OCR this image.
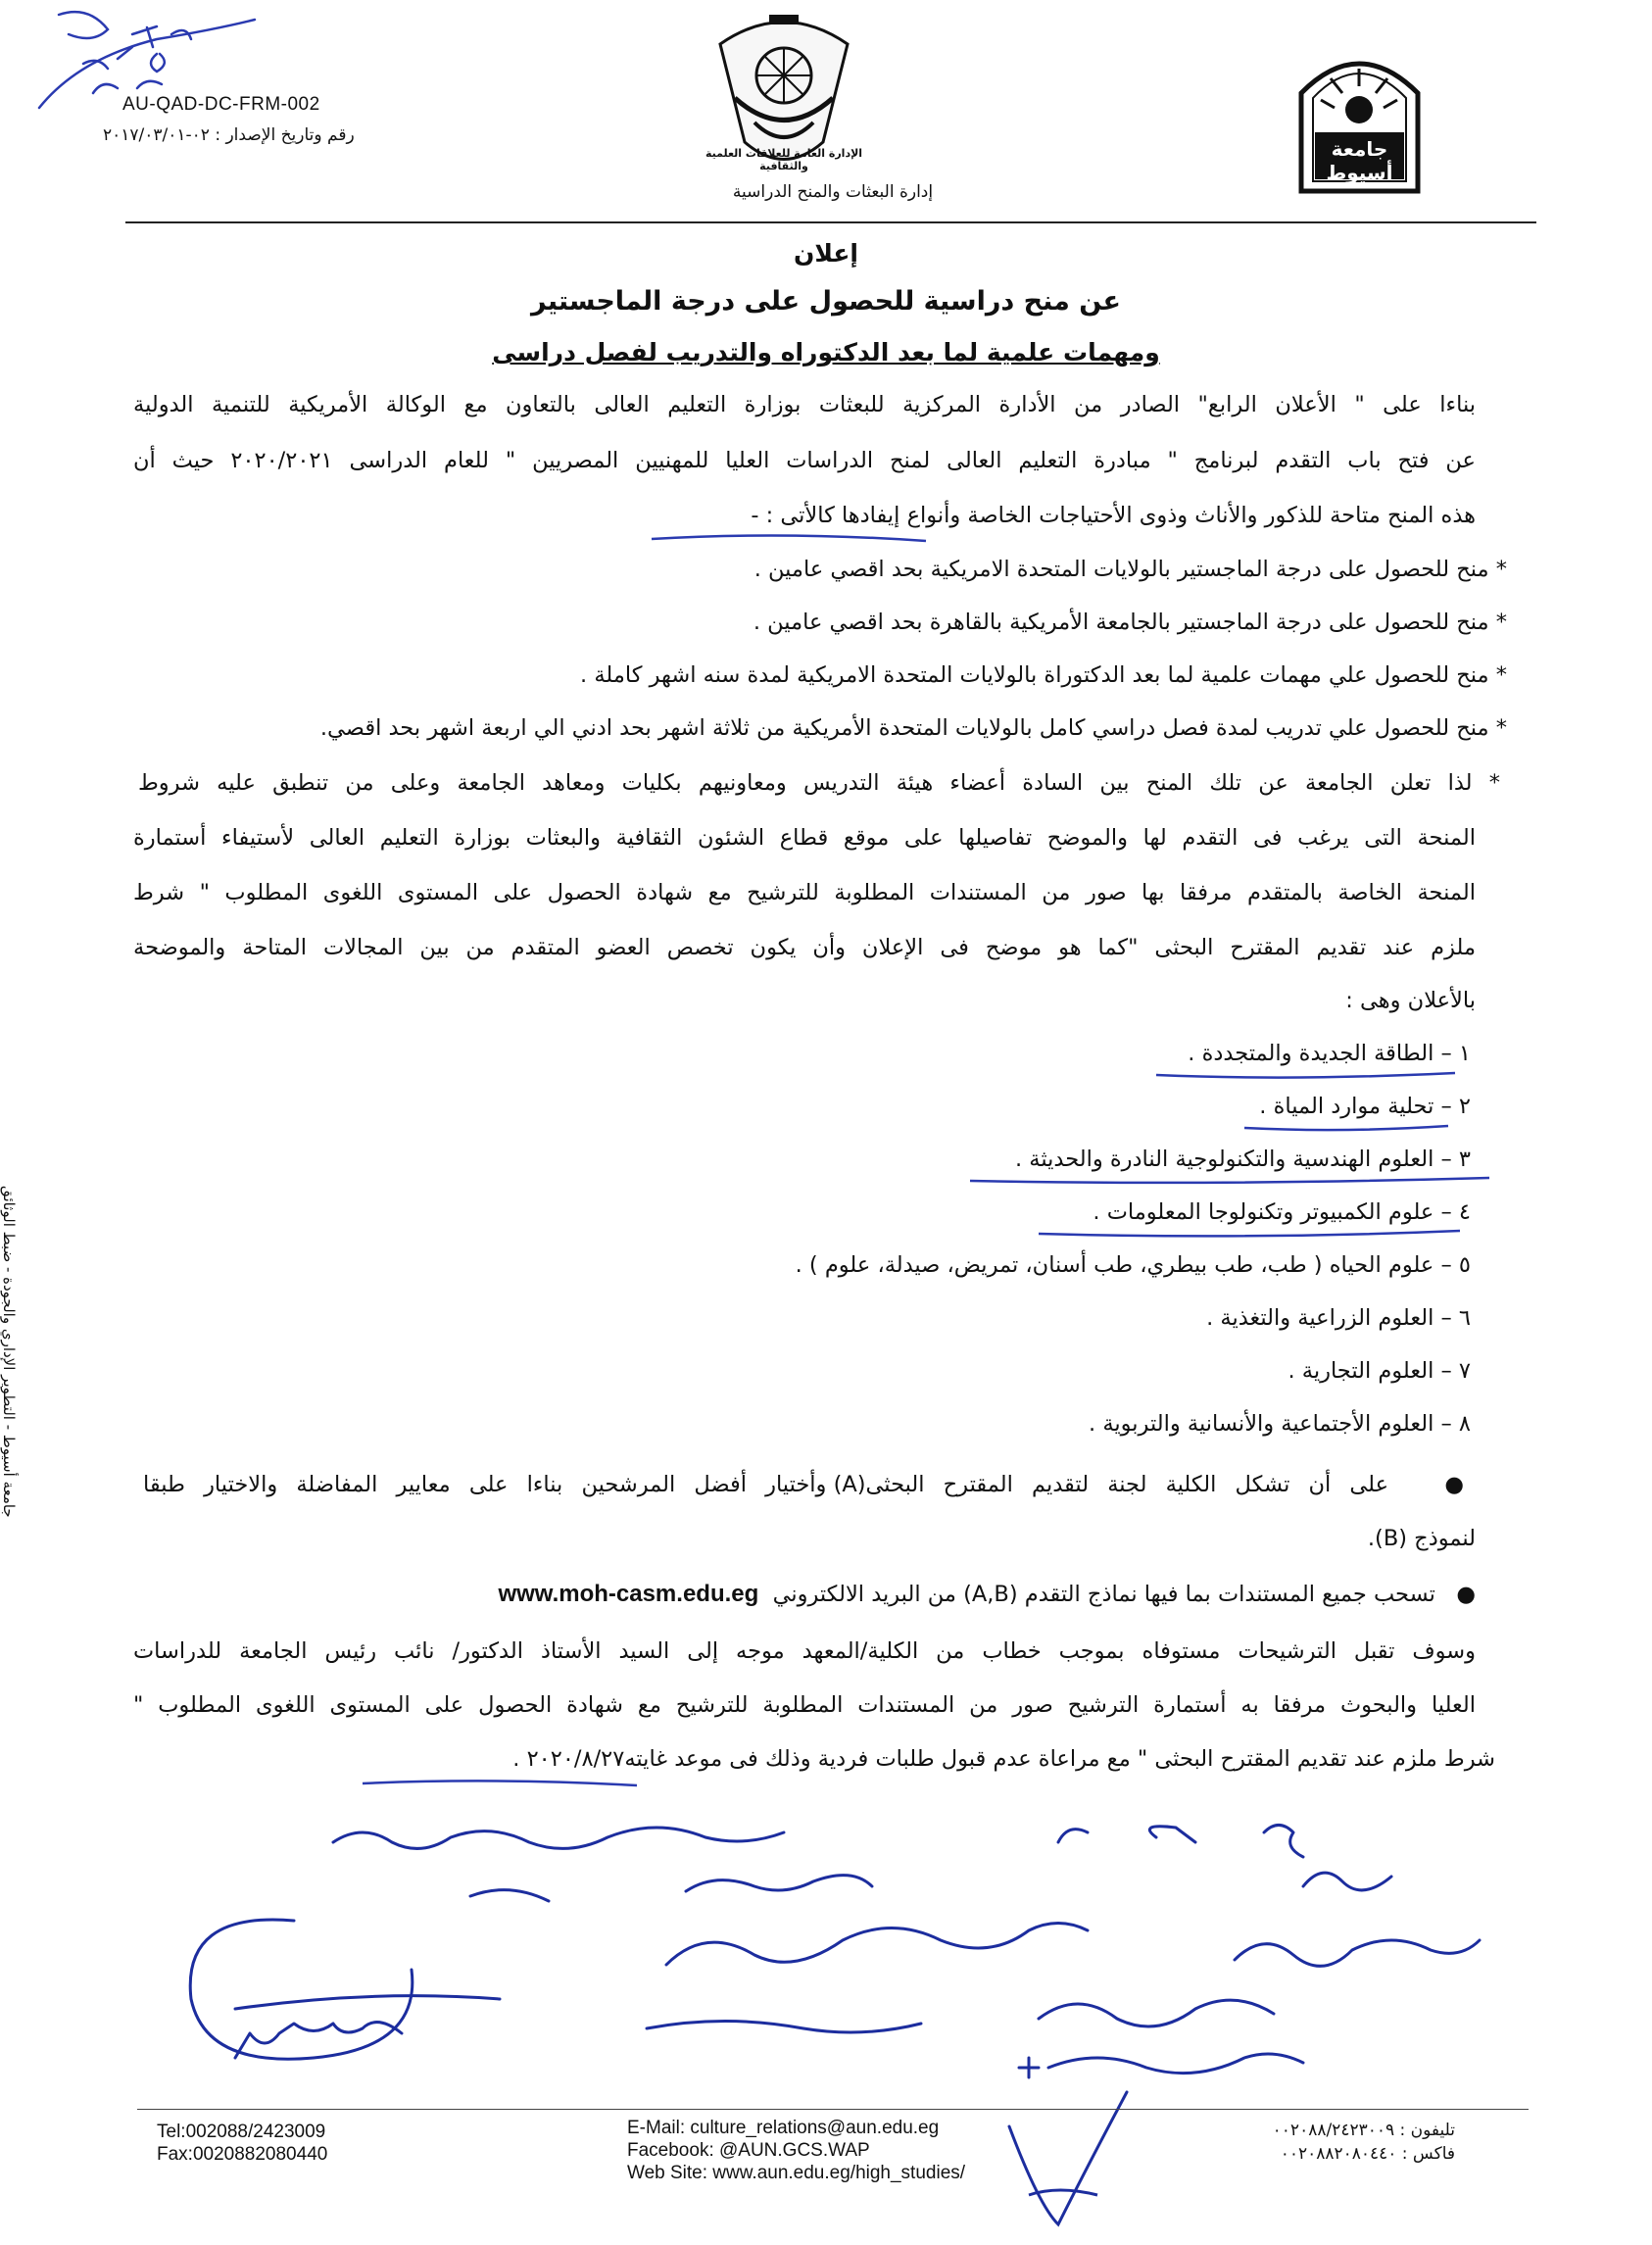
AU-QAD-DC-FRM-002
رقم وتاريخ الإصدار : ٠٢-٢٠١٧/٠٣/٠١
الإدارة العامة للعلاقات العلمية والثقافية
إدارة البعثات والمنح الدراسية
جامعة أسيوط
إعلان
عن منح دراسية للحصول على درجة الماجستير
ومهمات علمية لما بعد الدكتوراه والتدريب لفصل دراسى
بناءا على " الأعلان الرابع" الصادر من الأدارة المركزية للبعثات بوزارة التعليم العالى بالتعاون مع الوكالة الأمريكية للتنمية الدولية
عن فتح باب التقدم لبرنامج " مبادرة التعليم العالى لمنح الدراسات العليا للمهنيين المصريين " للعام الدراسى ٢٠٢٠/٢٠٢١ حيث أن
هذه المنح متاحة للذكور والأناث وذوى الأحتياجات الخاصة وأنواع إيفادها كالأتى : -
* منح للحصول على درجة الماجستير بالولايات المتحدة الامريكية بحد اقصي عامين .
* منح للحصول على درجة الماجستير بالجامعة الأمريكية بالقاهرة بحد اقصي عامين .
* منح للحصول علي مهمات علمية لما بعد الدكتوراة بالولايات المتحدة الامريكية لمدة سنه اشهر كاملة .
* منح للحصول علي تدريب لمدة فصل دراسي كامل بالولايات المتحدة الأمريكية من ثلاثة اشهر بحد ادني الي اربعة اشهر بحد اقصي.
* لذا تعلن الجامعة عن تلك المنح بين السادة أعضاء هيئة التدريس ومعاونيهم بكليات ومعاهد الجامعة وعلى من تنطبق عليه شروط
المنحة التى يرغب فى التقدم لها والموضح تفاصيلها على موقع قطاع الشئون الثقافية والبعثات بوزارة التعليم العالى لأستيفاء أستمارة
المنحة الخاصة بالمتقدم مرفقا بها صور من المستندات المطلوبة للترشيح مع شهادة الحصول على المستوى اللغوى المطلوب " شرط
ملزم عند تقديم المقترح البحثى "كما هو موضح فى الإعلان وأن يكون تخصص العضو المتقدم من بين المجالات المتاحة والموضحة
بالأعلان وهى :
١ – الطاقة الجديدة والمتجددة .
٢ – تحلية موارد المياة .
٣ – العلوم الهندسية والتكنولوجية النادرة والحديثة .
٤ – علوم الكمبيوتر وتكنولوجا المعلومات .
٥ – علوم الحياه ( طب، طب بيطري، طب أسنان، تمريض، صيدلة، علوم ) .
٦ – العلوم الزراعية والتغذية .
٧ – العلوم التجارية .
٨ – العلوم الأجتماعية والأنسانية والتربوية .
●   على أن تشكل الكلية لجنة لتقديم المقترح البحثى(A) وأختيار أفضل المرشحين بناءا على معايير المفاضلة والاختيار طبقا
لنموذج (B).
●   تسحب جميع المستندات بما فيها نماذج التقدم (A,B) من البريد الالكتروني  www.moh-casm.edu.eg
وسوف تقبل الترشيحات مستوفاه بموجب خطاب من الكلية/المعهد موجه إلى السيد الأستاذ الدكتور/ نائب رئيس الجامعة للدراسات
العليا والبحوث مرفقا به أستمارة الترشيح صور من المستندات المطلوبة للترشيح مع شهادة الحصول على المستوى اللغوى المطلوب "
شرط ملزم عند تقديم المقترح البحثى " مع مراعاة عدم قبول طلبات فردية وذلك فى موعد غايته٢٠٢٠/٨/٢٧ .
Tel:002088/2423009
Fax:0020882080440
E-Mail: culture_relations@aun.edu.eg
Facebook: @AUN.GCS.WAP
Web Site: www.aun.edu.eg/high_studies/
تليفون : ٠٠٢٠٨٨/٢٤٢٣٠٠٩
فاكس : ٠٠٢٠٨٨٢٠٨٠٤٤٠
جامعة أسيوط - التطوير الإداري والجودة - ضبط الوثائق
